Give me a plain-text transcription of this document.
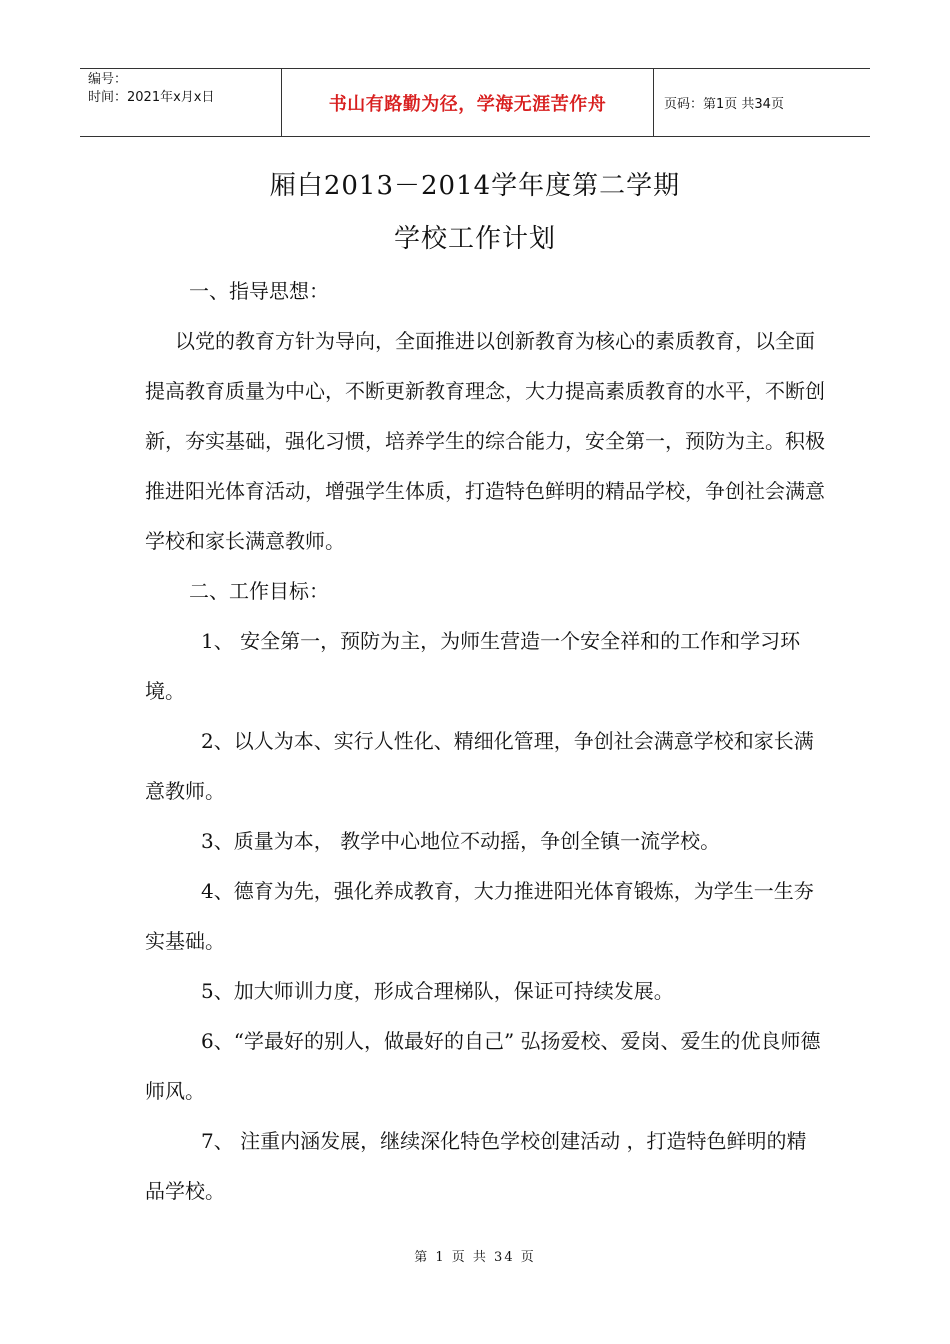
编号：
时间：2021年x月x日	书山有路勤为径，学海无涯苦作舟	页码：第1页 共34页
厢白2013－2014学年度第二学期
学校工作计划

一、指导思想：

以党的教育方针为导向，全面推进以创新教育为核心的素质教育，以全面提高教育质量为中心，不断更新教育理念，大力提高素质教育的水平，不断创新，夯实基础，强化习惯，培养学生的综合能力，安全第一，预防为主。积极推进阳光体育活动，增强学生体质，打造特色鲜明的精品学校，争创社会满意学校和家长满意教师。

二、工作目标：

1、 安全第一，预防为主，为师生营造一个安全祥和的工作和学习环境。

2、以人为本、实行人性化、精细化管理，争创社会满意学校和家长满意教师。

3、质量为本， 教学中心地位不动摇，争创全镇一流学校。

4、德育为先，强化养成教育，大力推进阳光体育锻炼，为学生一生夯实基础。

5、加大师训力度，形成合理梯队，保证可持续发展。

6、“学最好的别人，做最好的自己” 弘扬爱校、爱岗、爱生的优良师德师风。

7、 注重内涵发展，继续深化特色学校创建活动 ，打造特色鲜明的精品学校。

第 1 页 共 34 页
